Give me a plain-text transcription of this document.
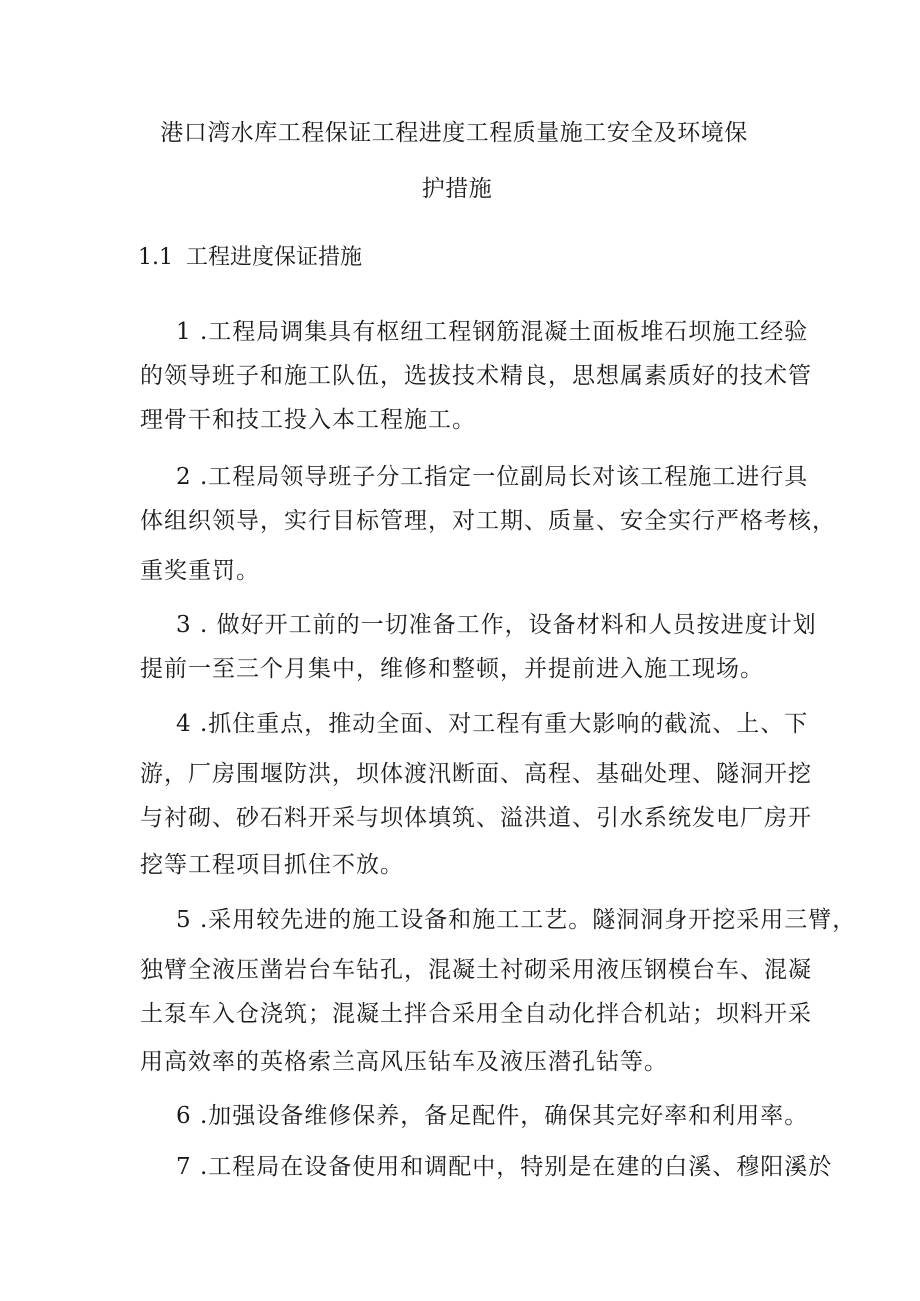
港口湾水库工程保证工程进度工程质量施工安全及环境保
护措施
1.1 工程进度保证措施
1 .工程局调集具有枢纽工程钢筋混凝土面板堆石坝施工经验
的领导班子和施工队伍，选拔技术精良，思想属素质好的技术管
理骨干和技工投入本工程施工。
2 .工程局领导班子分工指定一位副局长对该工程施工进行具
体组织领导，实行目标管理，对工期、质量、安全实行严格考核，
重奖重罚。
3 . 做好开工前的一切准备工作，设备材料和人员按进度计划
提前一至三个月集中，维修和整顿，并提前进入施工现场。
4 .抓住重点，推动全面、对工程有重大影响的截流、上、下
游，厂房围堰防洪，坝体渡汛断面、高程、基础处理、隧洞开挖
与衬砌、砂石料开采与坝体填筑、溢洪道、引水系统发电厂房开
挖等工程项目抓住不放。
5 .采用较先进的施工设备和施工工艺。隧洞洞身开挖采用三臂，
独臂全液压凿岩台车钻孔，混凝土衬砌采用液压钢模台车、混凝
土泵车入仓浇筑；混凝土拌合采用全自动化拌合机站；坝料开采
用高效率的英格索兰高风压钻车及液压潜孔钻等。
6 .加强设备维修保养，备足配件，确保其完好率和利用率。
7 .工程局在设备使用和调配中，特别是在建的白溪、穆阳溪於
